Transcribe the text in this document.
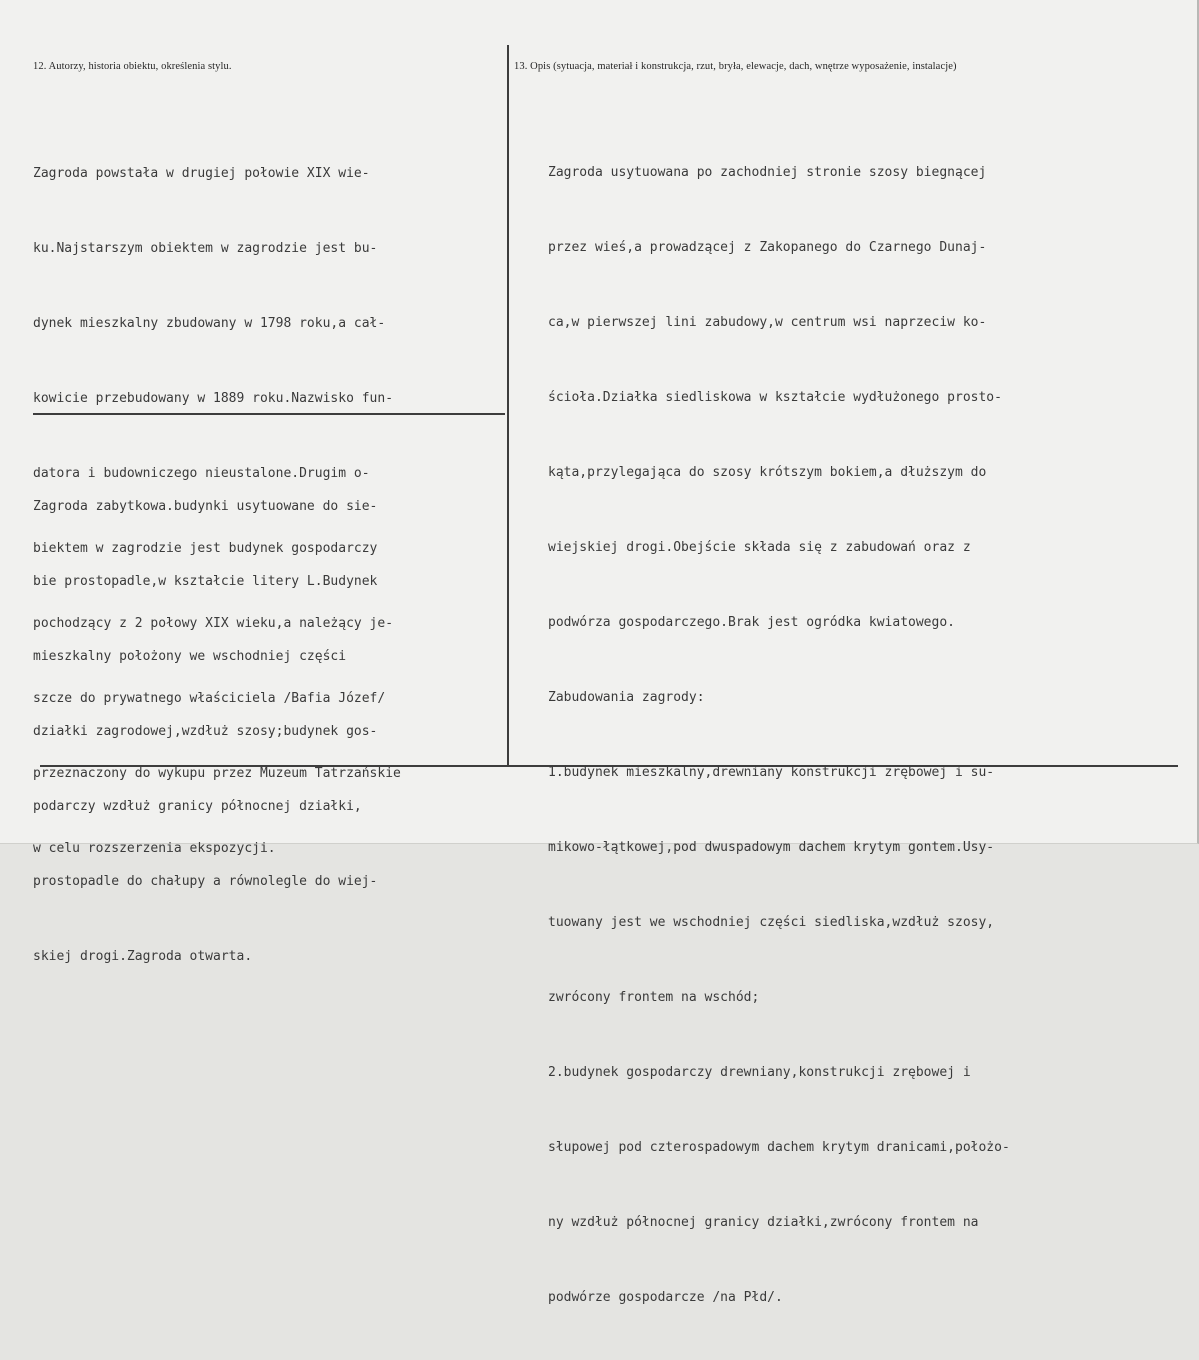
12. Autorzy, historia obiektu, określenia stylu.	13. Opis (sytuacja, materiał i konstrukcja, rzut, bryła, elewacje, dach, wnętrze wyposażenie, instalacje)

Zagroda powstała w drugiej połowie XIX wie-

ku.Najstarszym obiektem w zagrodzie jest bu-

dynek mieszkalny zbudowany w 1798 roku,a cał-

kowicie przebudowany w 1889 roku.Nazwisko fun-

datora i budowniczego nieustalone.Drugim o-

biektem w zagrodzie jest budynek gospodarczy

pochodzący z 2 połowy XIX wieku,a należący je-

szcze do prywatnego właściciela /Bafia Józef/

przeznaczony do wykupu przez Muzeum Tatrzańskie

w celu rozszerzenia ekspozycji.

Zagroda zabytkowa.budynki usytuowane do sie-

bie prostopadle,w kształcie litery L.Budynek

mieszkalny położony we wschodniej części

działki zagrodowej,wzdłuż szosy;budynek gos-

podarczy wzdłuż granicy północnej działki,

prostopadle do chałupy a równolegle do wiej-

skiej drogi.Zagroda otwarta.

Zagroda usytuowana po zachodniej stronie szosy biegnącej

przez wieś,a prowadzącej z Zakopanego do Czarnego Dunaj-

ca,w pierwszej lini zabudowy,w centrum wsi naprzeciw ko-

ścioła.Działka siedliskowa w kształcie wydłużonego prosto-

kąta,przylegająca do szosy krótszym bokiem,a dłuższym do

wiejskiej drogi.Obejście składa się z zabudowań oraz z

podwórza gospodarczego.Brak jest ogródka kwiatowego.

Zabudowania zagrody:

1.budynek mieszkalny,drewniany konstrukcji zrębowej i su-

mikowo-łątkowej,pod dwuspadowym dachem krytym gontem.Usy-

tuowany jest we wschodniej części siedliska,wzdłuż szosy,

zwrócony frontem na wschód;

2.budynek gospodarczy drewniany,konstrukcji zrębowej i

słupowej pod czterospadowym dachem krytym dranicami,położo-

ny wzdłuż północnej granicy działki,zwrócony frontem na

podwórze gospodarcze /na Płd/.
